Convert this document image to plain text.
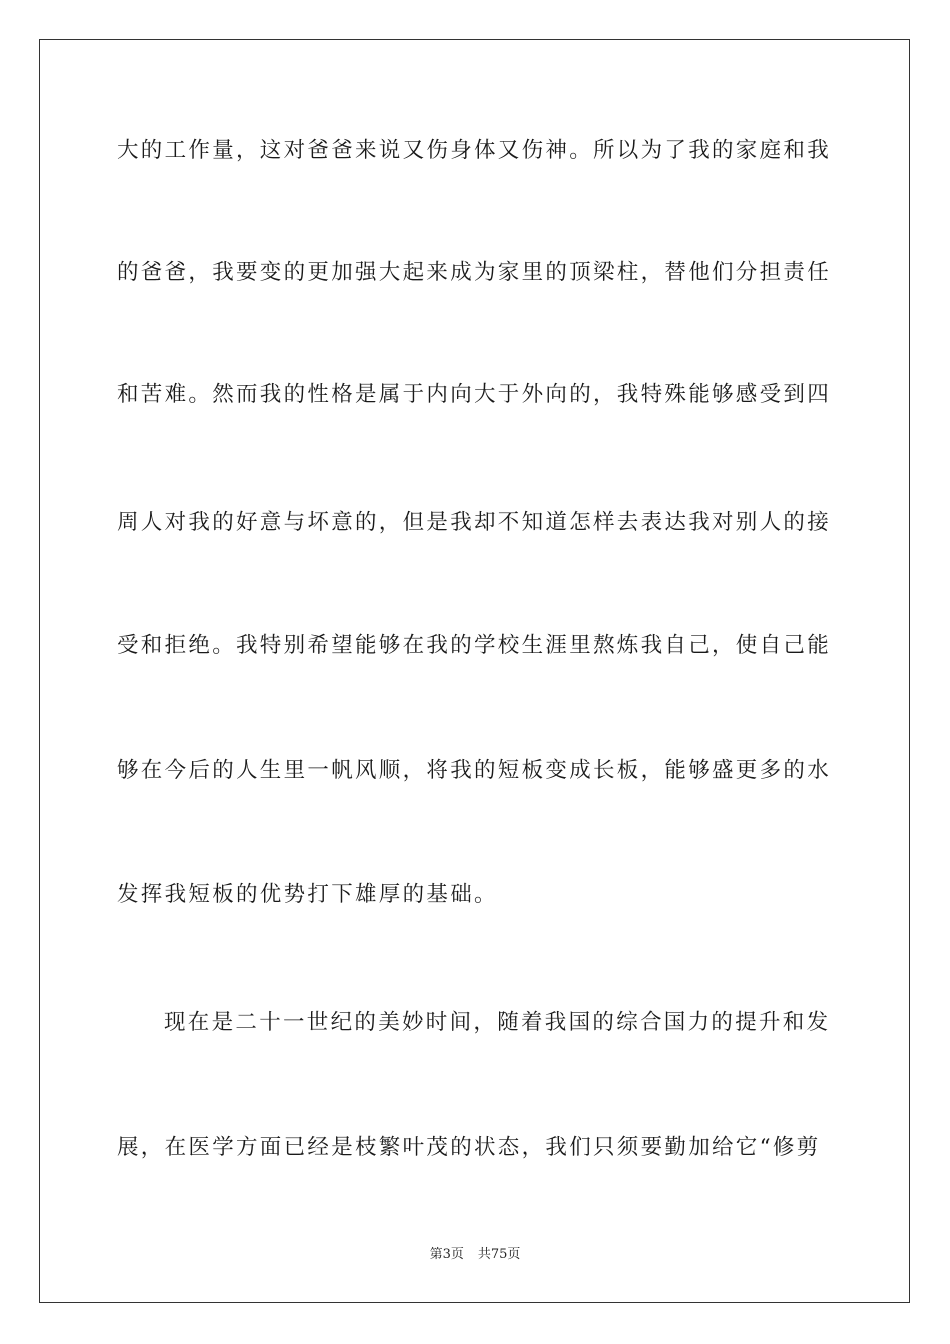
大的工作量，这对爸爸来说又伤身体又伤神。所以为了我的家庭和我
的爸爸，我要变的更加强大起来成为家里的顶梁柱，替他们分担责任
和苦难。然而我的性格是属于内向大于外向的，我特殊能够感受到四
周人对我的好意与坏意的，但是我却不知道怎样去表达我对别人的接
受和拒绝。我特别希望能够在我的学校生涯里熬炼我自己，使自己能
够在今后的人生里一帆风顺，将我的短板变成长板，能够盛更多的水
发挥我短板的优势打下雄厚的基础。
现在是二十一世纪的美妙时间，随着我国的综合国力的提升和发
展，在医学方面已经是枝繁叶茂的状态，我们只须要勤加给它“修剪
第3页 共75页
